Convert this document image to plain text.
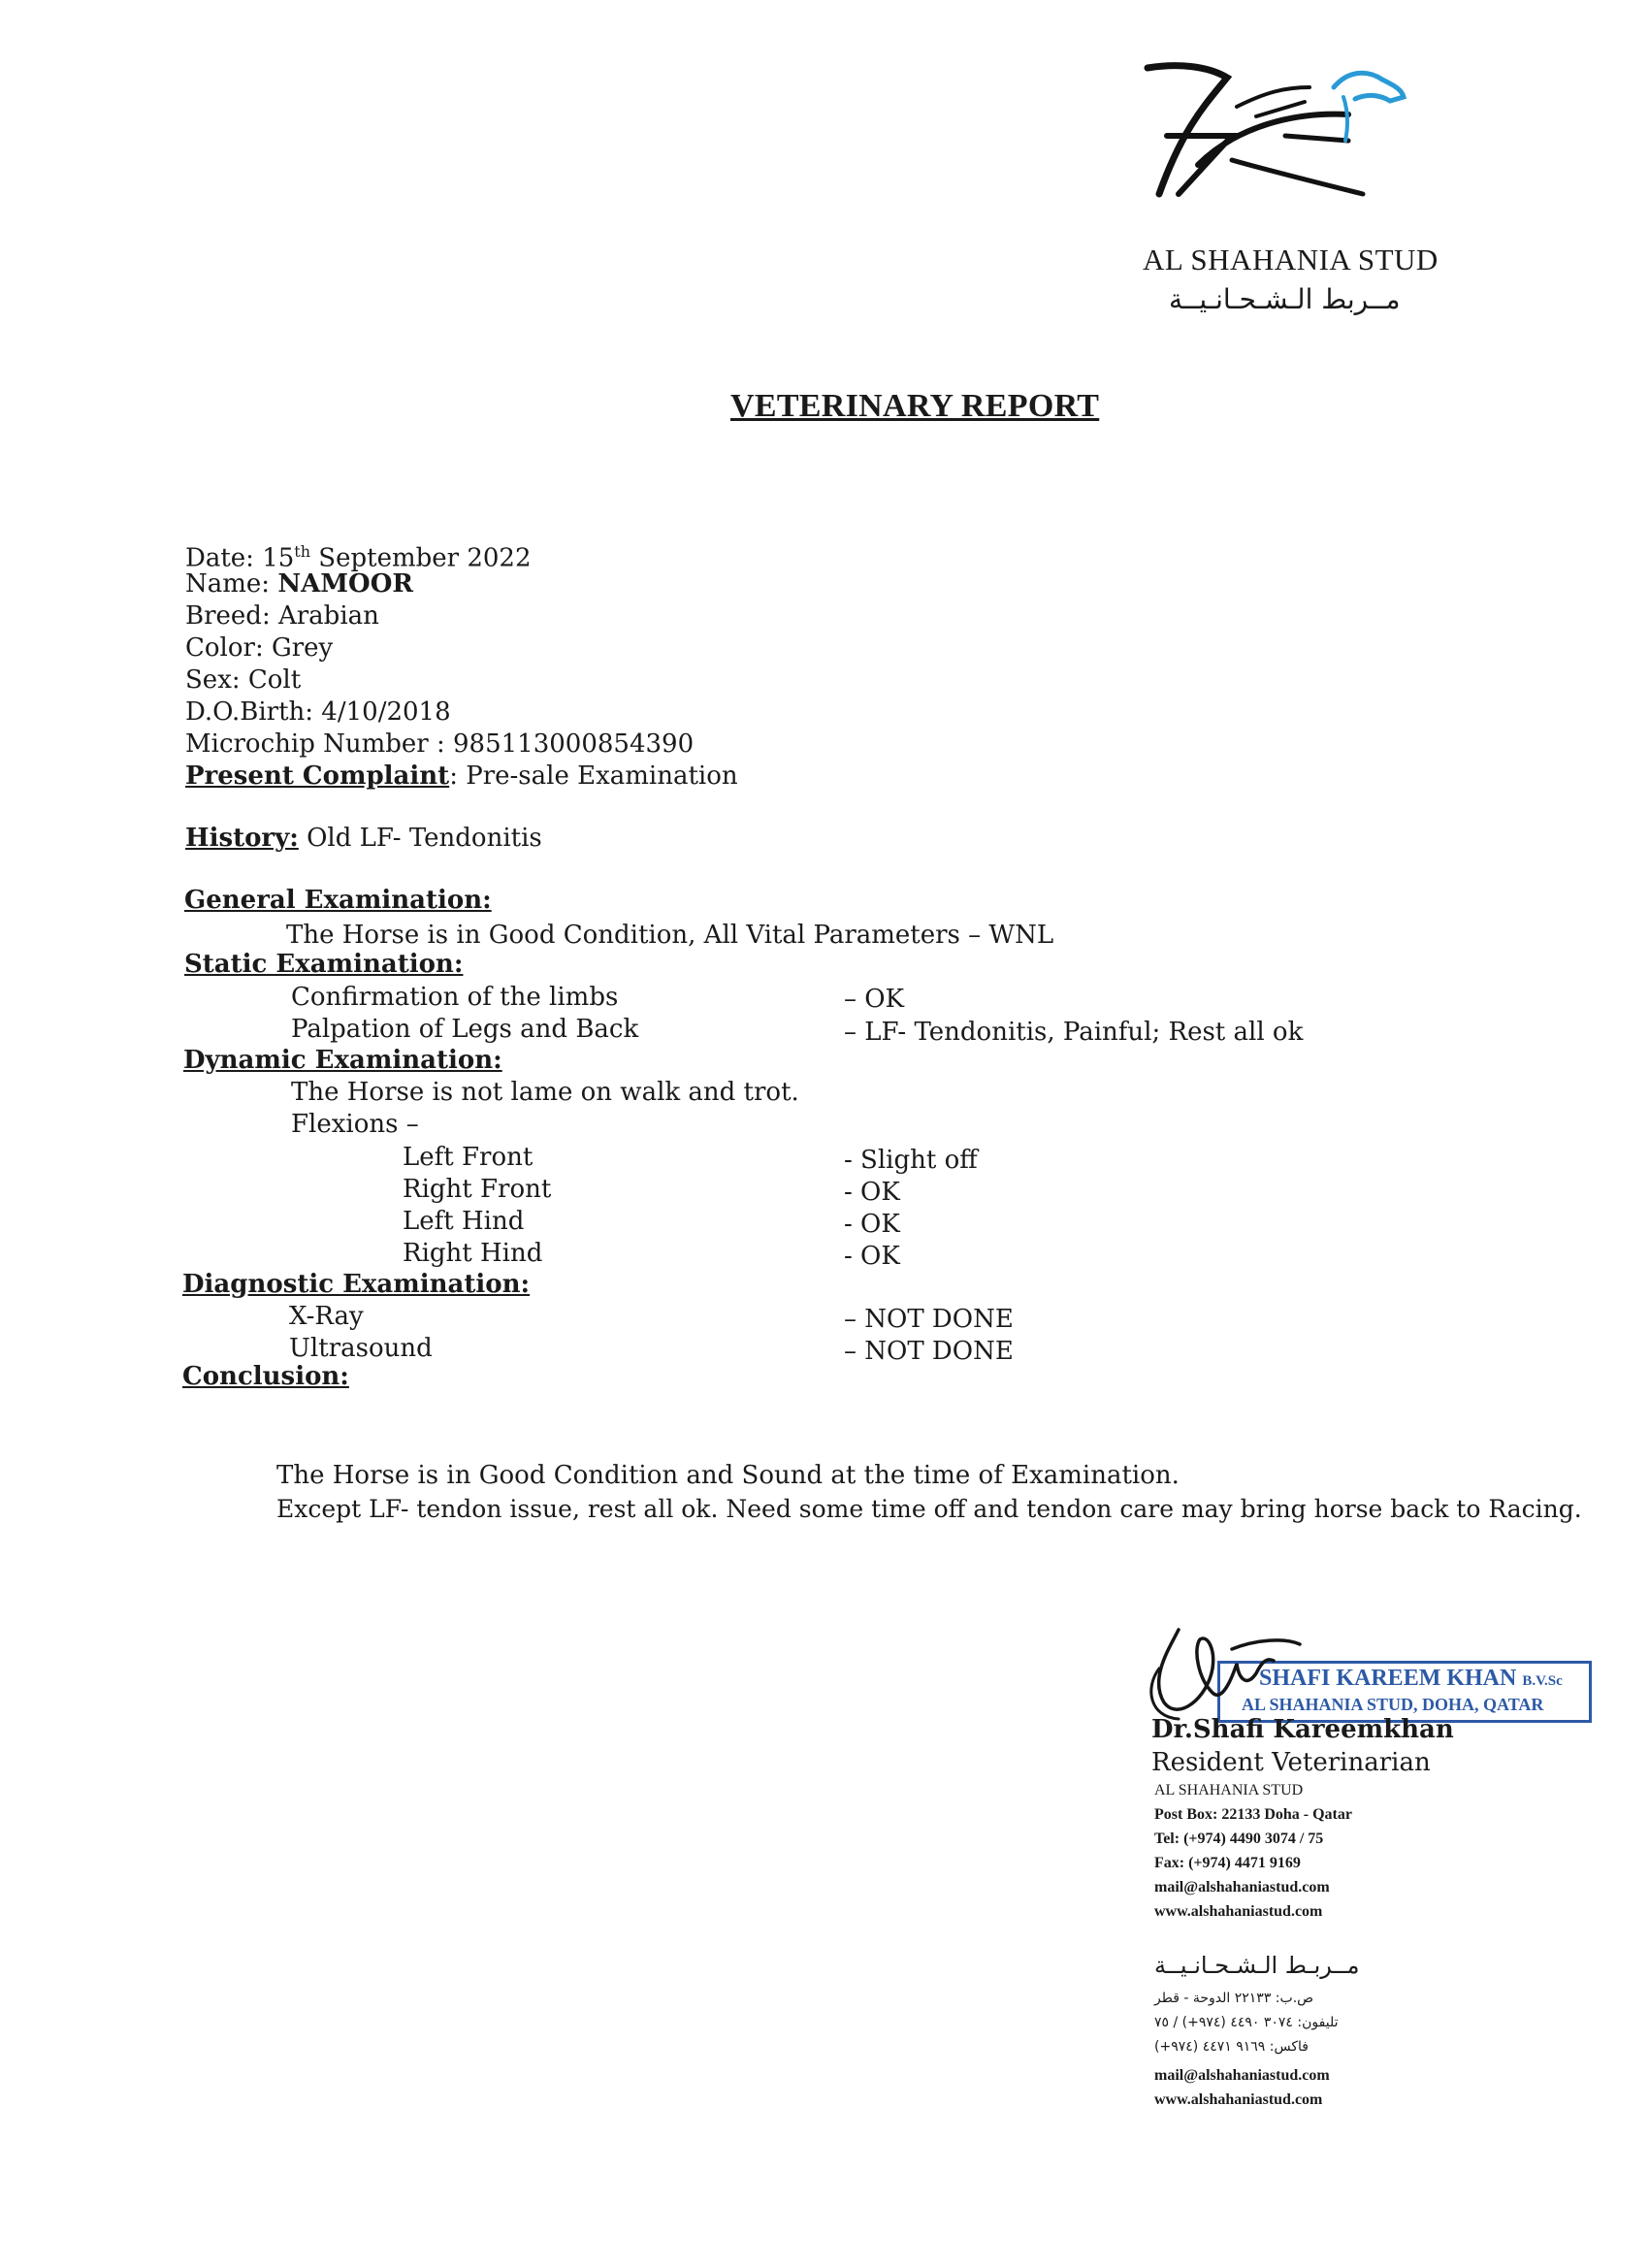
AL SHAHANIA STUD
مــربط الـشـحـانـيــة
VETERINARY REPORT
Date: 15th September 2022
Name: NAMOOR
Breed: Arabian
Color: Grey
Sex: Colt
D.O.Birth: 4/10/2018
Microchip Number : 985113000854390
Present Complaint: Pre-sale Examination
History: Old LF- Tendonitis
General Examination:
The Horse is in Good Condition, All Vital Parameters – WNL
Static Examination:
Confirmation of the limbs	– OK
Palpation of Legs and Back	– LF- Tendonitis, Painful; Rest all ok
Dynamic Examination:
The Horse is not lame on walk and trot.
Flexions –
Left Front	- Slight off
Right Front	- OK
Left Hind	- OK
Right Hind	- OK
Diagnostic Examination:
X-Ray	– NOT DONE
Ultrasound	– NOT DONE
Conclusion:
The Horse is in Good Condition and Sound at the time of Examination.
Except LF- tendon issue, rest all ok. Need some time off and tendon care may bring horse back to Racing.
SHAFI KAREEM KHAN B.V.Sc
AL SHAHANIA STUD, DOHA, QATAR
Dr.Shafi Kareemkhan
Resident Veterinarian
AL SHAHANIA STUD
Post Box: 22133 Doha - Qatar
Tel: (+974) 4490 3074 / 75
Fax: (+974) 4471 9169
mail@alshahaniastud.com
www.alshahaniastud.com
مــربـط الـشـحـانـيــة
ص.ب: ٢٢١٣٣ الدوحة - قطر
تليفون: ٣٠٧٤ ٤٤٩٠ (٩٧٤+) / ٧٥
فاكس: ٩١٦٩ ٤٤٧١ (٩٧٤+)
mail@alshahaniastud.com
www.alshahaniastud.com
